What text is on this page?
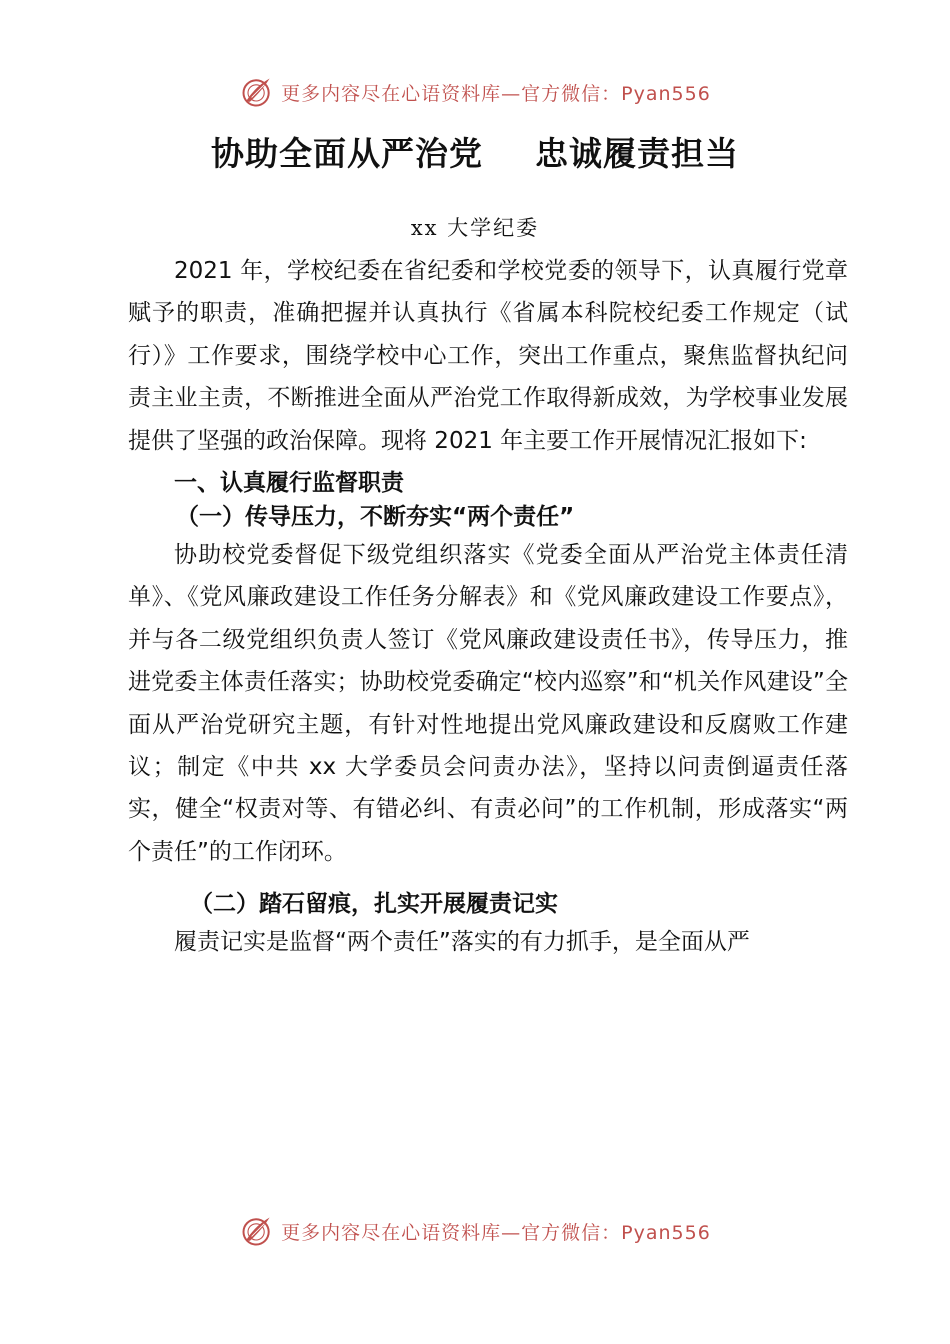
更多内容尽在心语资料库—官方微信：Pyan556
协助全面从严治党 忠诚履责担当
xx 大学纪委

2021 年，学校纪委在省纪委和学校党委的领导下，认真履行党章赋予的职责，准确把握并认真执行《省属本科院校纪委工作规定（试行）》工作要求，围绕学校中心工作，突出工作重点，聚焦监督执纪问责主业主责，不断推进全面从严治党工作取得新成效，为学校事业发展提供了坚强的政治保障。现将 2021 年主要工作开展情况汇报如下:

一、认真履行监督职责

（一）传导压力，不断夯实“两个责任”

协助校党委督促下级党组织落实《党委全面从严治党主体责任清单》、《党风廉政建设工作任务分解表》和《党风廉政建设工作要点》，并与各二级党组织负责人签订《党风廉政建设责任书》，传导压力，推进党委主体责任落实；协助校党委确定“校内巡察”和“机关作风建设”全面从严治党研究主题，有针对性地提出党风廉政建设和反腐败工作建议；制定《中共 xx 大学委员会问责办法》，坚持以问责倒逼责任落实，健全“权责对等、有错必纠、有责必问”的工作机制，形成落实“两个责任”的工作闭环。

（二）踏石留痕，扎实开展履责记实

履责记实是监督“两个责任”落实的有力抓手，是全面从严

更多内容尽在心语资料库—官方微信：Pyan556
